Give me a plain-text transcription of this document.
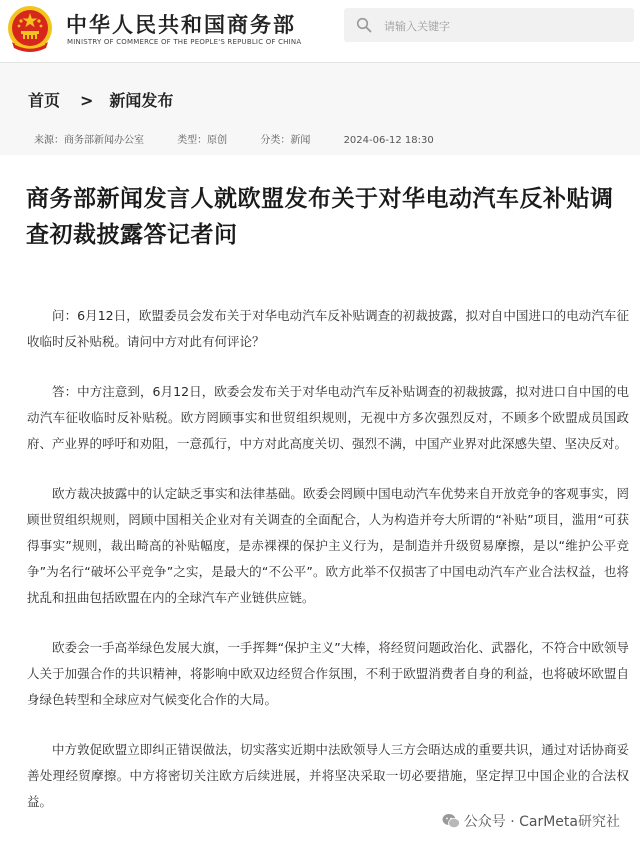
中华人民共和国商务部
MINISTRY OF COMMERCE OF THE PEOPLE'S REPUBLIC OF CHINA
请输入关键字
首页 > 新闻发布
来源：商务部新闻办公室	类型：原创	分类：新闻	2024-06-12 18:30
商务部新闻发言人就欧盟发布关于对华电动汽车反补贴调查初裁披露答记者问

问：6月12日，欧盟委员会发布关于对华电动汽车反补贴调查的初裁披露，拟对自中国进口的电动汽车征收临时反补贴税。请问中方对此有何评论？

答：中方注意到，6月12日，欧委会发布关于对华电动汽车反补贴调查的初裁披露，拟对进口自中国的电动汽车征收临时反补贴税。欧方罔顾事实和世贸组织规则，无视中方多次强烈反对，不顾多个欧盟成员国政府、产业界的呼吁和劝阻，一意孤行，中方对此高度关切、强烈不满，中国产业界对此深感失望、坚决反对。

欧方裁决披露中的认定缺乏事实和法律基础。欧委会罔顾中国电动汽车优势来自开放竞争的客观事实，罔顾世贸组织规则，罔顾中国相关企业对有关调查的全面配合，人为构造并夸大所谓的“补贴”项目，滥用“可获得事实”规则，裁出畸高的补贴幅度，是赤裸裸的保护主义行为，是制造并升级贸易摩擦，是以“维护公平竞争”为名行“破坏公平竞争”之实，是最大的“不公平”。欧方此举不仅损害了中国电动汽车产业合法权益，也将扰乱和扭曲包括欧盟在内的全球汽车产业链供应链。

欧委会一手高举绿色发展大旗，一手挥舞“保护主义”大棒，将经贸问题政治化、武器化，不符合中欧领导人关于加强合作的共识精神，将影响中欧双边经贸合作氛围，不利于欧盟消费者自身的利益，也将破坏欧盟自身绿色转型和全球应对气候变化合作的大局。

中方敦促欧盟立即纠正错误做法，切实落实近期中法欧领导人三方会晤达成的重要共识，通过对话协商妥善处理经贸摩擦。中方将密切关注欧方后续进展，并将坚决采取一切必要措施，坚定捍卫中国企业的合法权益。

公众号 · CarMeta研究社
